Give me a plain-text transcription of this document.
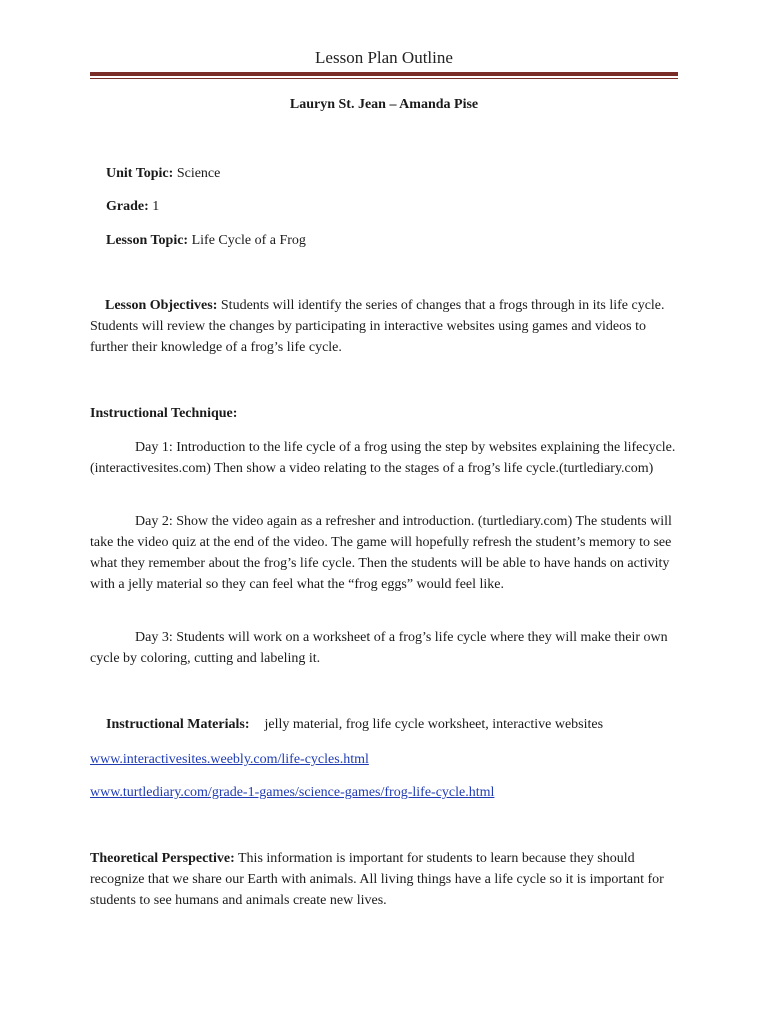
Lesson Plan Outline
Lauryn St. Jean – Amanda Pise
Unit Topic: Science
Grade: 1
Lesson Topic: Life Cycle of a Frog

Lesson Objectives: Students will identify the series of changes that a frogs through in its life cycle. Students will review the changes by participating in interactive websites using games and videos to further their knowledge of a frog’s life cycle.

Instructional Technique:

Day 1: Introduction to the life cycle of a frog using the step by websites explaining the lifecycle. (interactivesites.com) Then show a video relating to the stages of a frog’s life cycle.(turtlediary.com)

Day 2: Show the video again as a refresher and introduction. (turtlediary.com) The students will take the video quiz at the end of the video. The game will hopefully refresh the student’s memory to see what they remember about the frog’s life cycle. Then the students will be able to have hands on activity with a jelly material so they can feel what the “frog eggs” would feel like.

Day 3: Students will work on a worksheet of a frog’s life cycle where they will make their own cycle by coloring, cutting and labeling it.

Instructional Materials: jelly material, frog life cycle worksheet, interactive websites
www.interactivesites.weebly.com/life-cycles.html
www.turtlediary.com/grade-1-games/science-games/frog-life-cycle.html

Theoretical Perspective: This information is important for students to learn because they should recognize that we share our Earth with animals. All living things have a life cycle so it is important for students to see humans and animals create new lives.
